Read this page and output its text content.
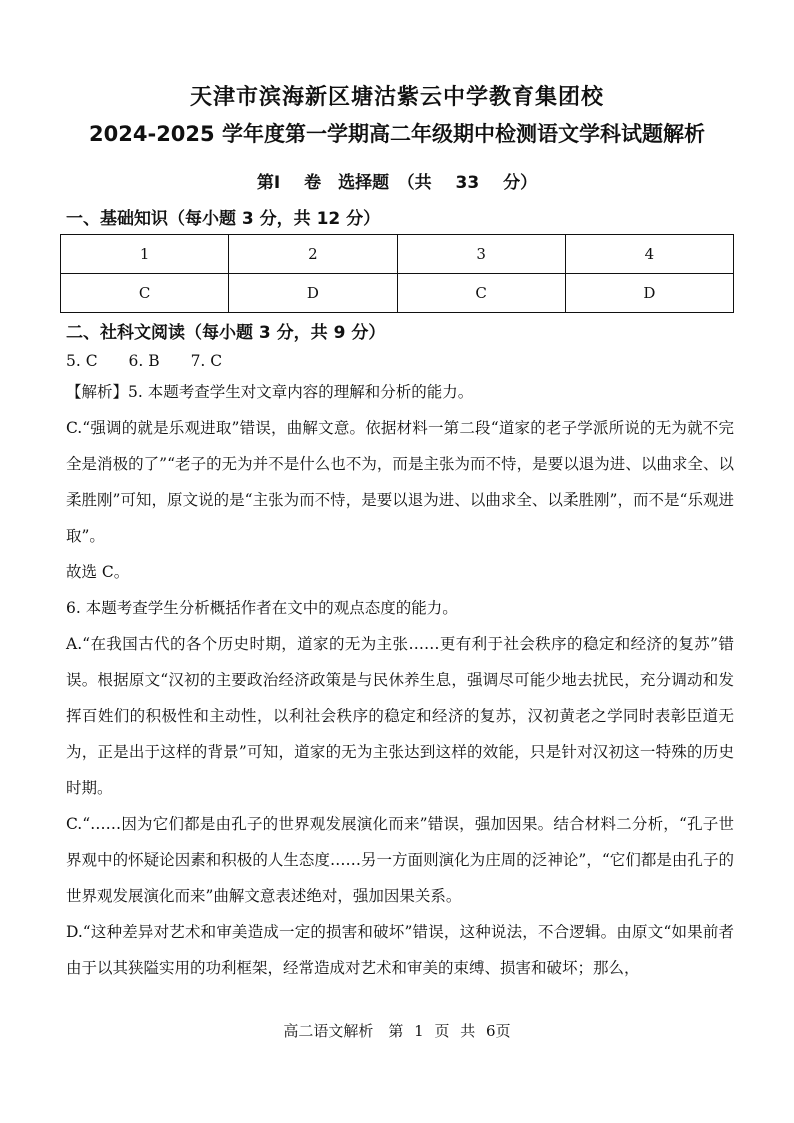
天津市滨海新区塘沽紫云中学教育集团校
2024-2025 学年度第一学期高二年级期中检测语文学科试题解析
第Ⅰ 卷　选择题　（共 33 分）
一、基础知识（每小题 3 分，共 12 分）
1	2	3	4
C	D	C	D
二、社科文阅读（每小题 3 分，共 9 分）
5. C 6. B 7. C

【解析】5. 本题考查学生对文章内容的理解和分析的能力。

C.“强调的就是乐观进取”错误，曲解文意。依据材料一第二段“道家的老子学派所说的无为就不完全是消极的了”“老子的无为并不是什么也不为，而是主张为而不恃，是要以退为进、以曲求全、以柔胜刚”可知，原文说的是“主张为而不恃，是要以退为进、以曲求全、以柔胜刚”，而不是“乐观进取”。

故选 C。

6. 本题考查学生分析概括作者在文中的观点态度的能力。

A.“在我国古代的各个历史时期，道家的无为主张……更有利于社会秩序的稳定和经济的复苏”错误。根据原文“汉初的主要政治经济政策是与民休养生息，强调尽可能少地去扰民，充分调动和发挥百姓们的积极性和主动性，以利社会秩序的稳定和经济的复苏，汉初黄老之学同时表彰臣道无为，正是出于这样的背景”可知，道家的无为主张达到这样的效能，只是针对汉初这一特殊的历史时期。

C.“……因为它们都是由孔子的世界观发展演化而来”错误，强加因果。结合材料二分析，“孔子世界观中的怀疑论因素和积极的人生态度……另一方面则演化为庄周的泛神论”，“它们都是由孔子的世界观发展演化而来”曲解文意表述绝对，强加因果关系。

D.“这种差异对艺术和审美造成一定的损害和破坏”错误，这种说法，不合逻辑。由原文“如果前者由于以其狭隘实用的功利框架，经常造成对艺术和审美的束缚、损害和破坏；那么，

高二语文解析　第 1 页 共 6页
